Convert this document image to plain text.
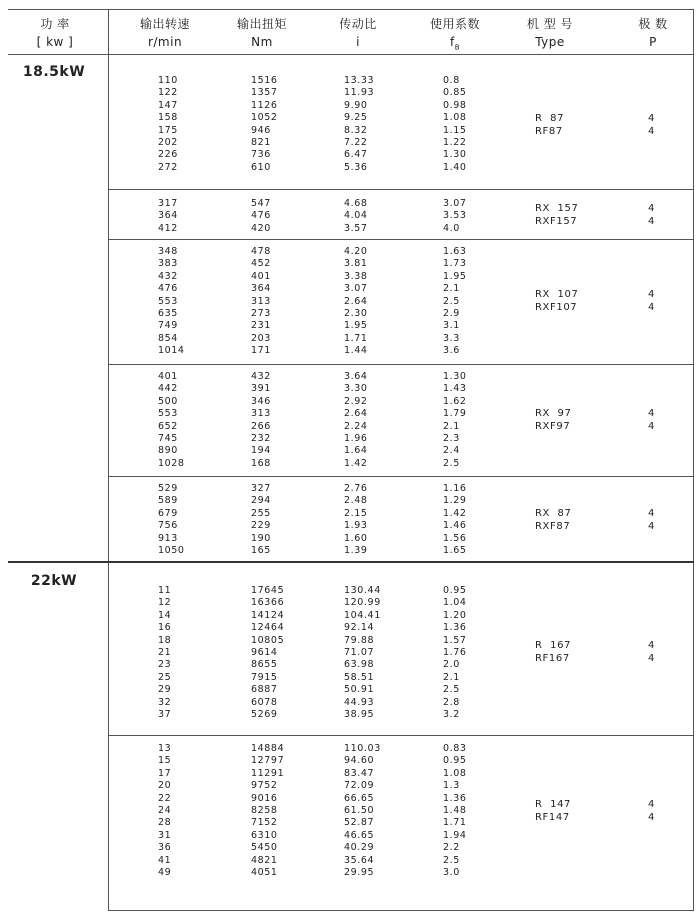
功 率
[ kw ]
输出转速
r/min
输出扭矩
Nm
传动比
i
使用系数
$f_B$
机 型 号
Type
极 数
P
18.5kW
22kW
110
122
147
158
175
202
226
272
1516
1357
1126
1052
946
821
736
610
13.33
11.93
9.90
9.25
8.32
7.22
6.47
5.36
0.8
0.85
0.98
1.08
1.15
1.22
1.30
1.40
R  87
RF87
4
4
317
364
412
547
476
420
4.68
4.04
3.57
3.07
3.53
4.0
RX  157
RXF157
4
4
348
383
432
476
553
635
749
854
1014
478
452
401
364
313
273
231
203
171
4.20
3.81
3.38
3.07
2.64
2.30
1.95
1.71
1.44
1.63
1.73
1.95
2.1
2.5
2.9
3.1
3.3
3.6
RX  107
RXF107
4
4
401
442
500
553
652
745
890
1028
432
391
346
313
266
232
194
168
3.64
3.30
2.92
2.64
2.24
1.96
1.64
1.42
1.30
1.43
1.62
1.79
2.1
2.3
2.4
2.5
RX  97
RXF97
4
4
529
589
679
756
913
1050
327
294
255
229
190
165
2.76
2.48
2.15
1.93
1.60
1.39
1.16
1.29
1.42
1.46
1.56
1.65
RX  87
RXF87
4
4
11
12
14
16
18
21
23
25
29
32
37
17645
16366
14124
12464
10805
9614
8655
7915
6887
6078
5269
130.44
120.99
104.41
92.14
79.88
71.07
63.98
58.51
50.91
44.93
38.95
0.95
1.04
1.20
1.36
1.57
1.76
2.0
2.1
2.5
2.8
3.2
R  167
RF167
4
4
13
15
17
20
22
24
28
31
36
41
49
14884
12797
11291
9752
9016
8258
7152
6310
5450
4821
4051
110.03
94.60
83.47
72.09
66.65
61.50
52.87
46.65
40.29
35.64
29.95
0.83
0.95
1.08
1.3
1.36
1.48
1.71
1.94
2.2
2.5
3.0
R  147
RF147
4
4
